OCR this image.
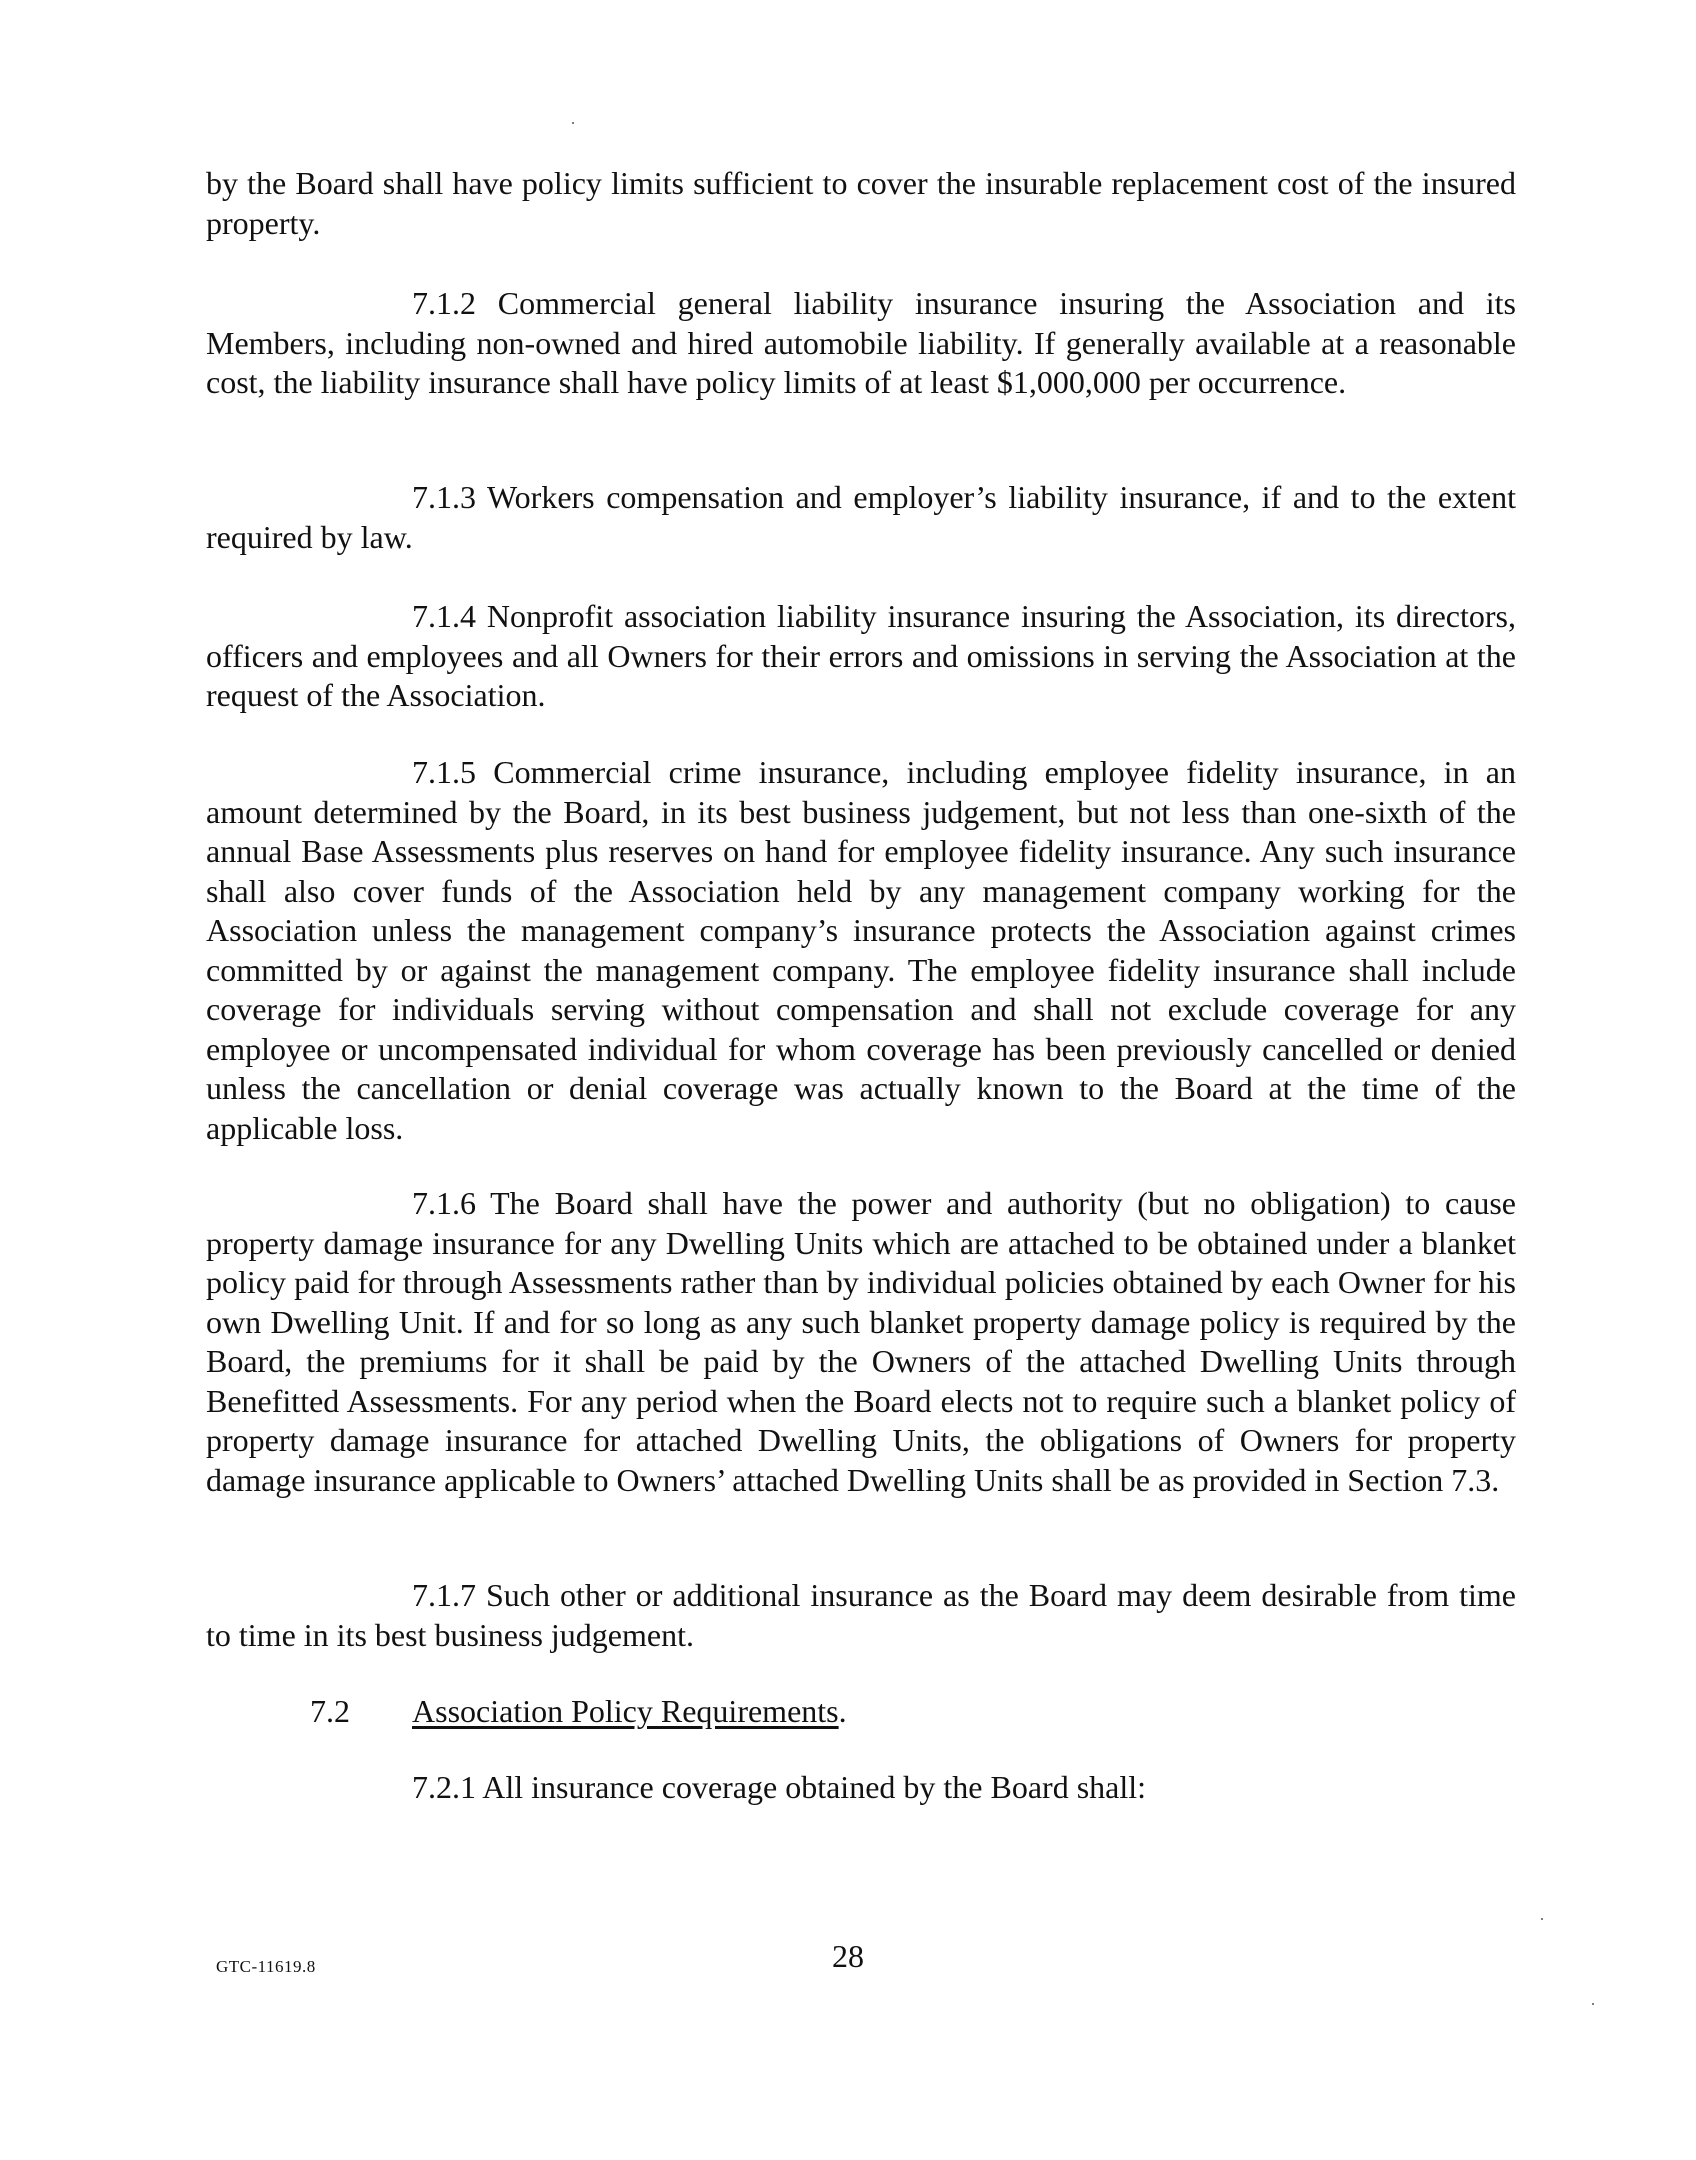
by the Board shall have policy limits sufficient to cover the insurable replacement cost of the insured property.

7.1.2 Commercial general liability insurance insuring the Association and its Members, including non-owned and hired automobile liability. If generally available at a reasonable cost, the liability insurance shall have policy limits of at least $1,000,000 per occurrence.

7.1.3 Workers compensation and employer’s liability insurance, if and to the extent required by law.

7.1.4 Nonprofit association liability insurance insuring the Association, its directors, officers and employees and all Owners for their errors and omissions in serving the Association at the request of the Association.

7.1.5 Commercial crime insurance, including employee fidelity insurance, in an amount determined by the Board, in its best business judgement, but not less than one-sixth of the annual Base Assessments plus reserves on hand for employee fidelity insurance. Any such insurance shall also cover funds of the Association held by any management company working for the Association unless the management company’s insurance protects the Association against crimes committed by or against the management company. The employee fidelity insurance shall include coverage for individuals serving without compensation and shall not exclude coverage for any employee or uncompensated individual for whom coverage has been previously cancelled or denied unless the cancellation or denial coverage was actually known to the Board at the time of the applicable loss.

7.1.6 The Board shall have the power and authority (but no obligation) to cause property damage insurance for any Dwelling Units which are attached to be obtained under a blanket policy paid for through Assessments rather than by individual policies obtained by each Owner for his own Dwelling Unit. If and for so long as any such blanket property damage policy is required by the Board, the premiums for it shall be paid by the Owners of the attached Dwelling Units through Benefitted Assessments. For any period when the Board elects not to require such a blanket policy of property damage insurance for attached Dwelling Units, the obligations of Owners for property damage insurance applicable to Owners’ attached Dwelling Units shall be as provided in Section 7.3.

7.1.7 Such other or additional insurance as the Board may deem desirable from time to time in its best business judgement.

7.2 Association Policy Requirements.
7.2.1 All insurance coverage obtained by the Board shall:
GTC-11619.8	28
